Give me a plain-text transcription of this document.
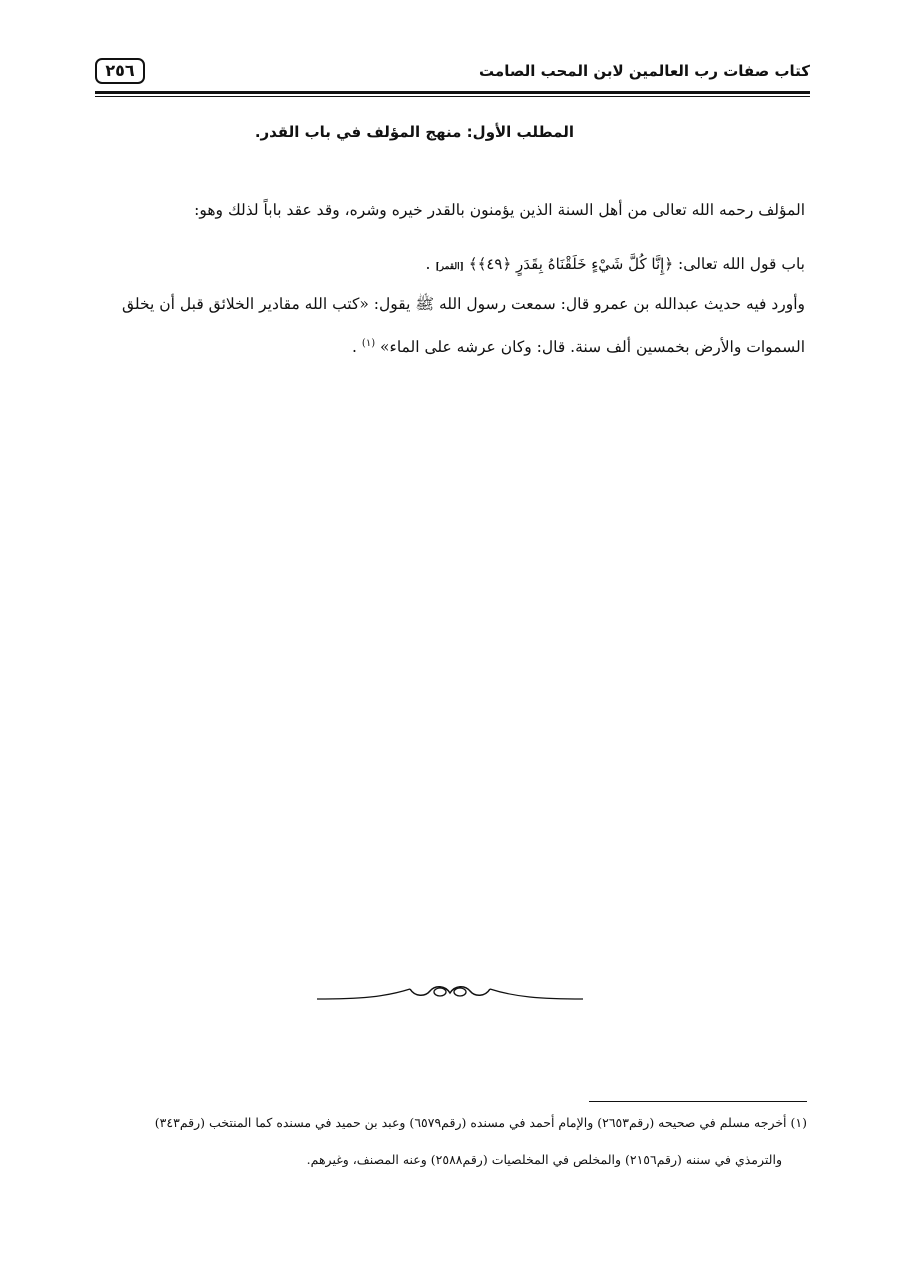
كتاب صفات رب العالمين لابن المحب الصامت
٢٥٦
المطلب الأول: منهج المؤلف في باب القدر.
المؤلف رحمه الله تعالى من أهل السنة الذين يؤمنون بالقدر خيره وشره، وقد عقد باباً لذلك وهو:
باب قول الله تعالى: ﴿إِنَّا كُلَّ شَيْءٍ خَلَقْنَاهُ بِقَدَرٍ ﴿٤٩﴾﴾ [القمر] .
وأورد فيه حديث عبدالله بن عمرو قال: سمعت رسول الله ﷺ يقول: «كتب الله مقادير الخلائق قبل أن يخلق
السموات والأرض بخمسين ألف سنة. قال: وكان عرشه على الماء» $^{(١)}$ .
(١) أخرجه مسلم في صحيحه (رقم٢٦٥٣) والإمام أحمد في مسنده (رقم٦٥٧٩) وعبد بن حميد في مسنده كما المنتخب (رقم٣٤٣)
والترمذي في سننه (رقم٢١٥٦) والمخلص في المخلصيات (رقم٢٥٨٨) وعنه المصنف، وغيرهم.
